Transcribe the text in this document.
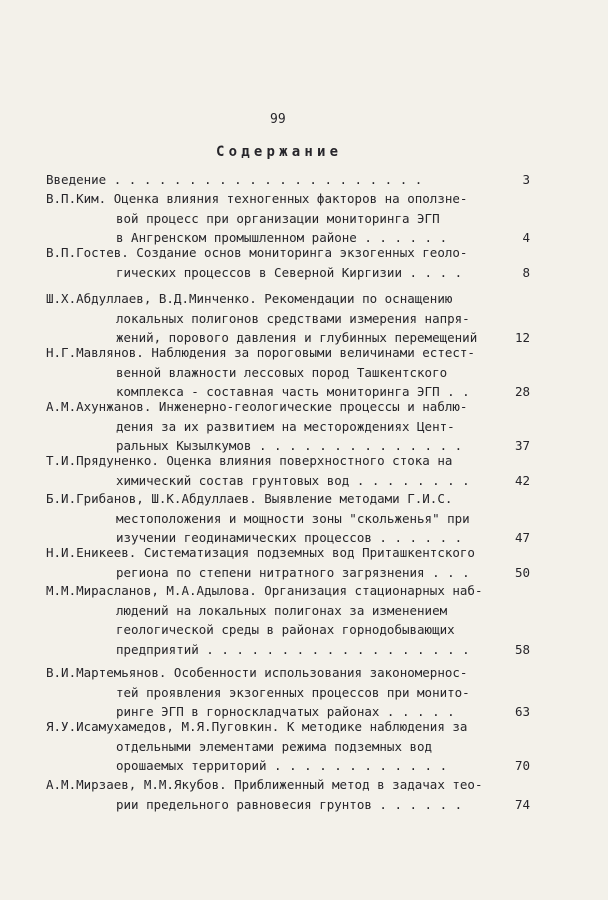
99
Содержание
Введение . . . . . . . . . . . . . . . . . . . . .	3
В.П.Ким. Оценка влияния техногенных факторов на оползне-
вой процесс при организации мониторинга ЭГП
в Ангренском промышленном районе . . . . . .	4
В.П.Гостев. Создание основ мониторинга экзогенных геоло-
гических процессов в Северной Киргизии . . . .	8
Ш.Х.Абдуллаев, В.Д.Минченко. Рекомендации по оснащению
локальных полигонов средствами измерения напря-
жений, порового давления и глубинных перемещений	12
Н.Г.Мавлянов. Наблюдения за пороговыми величинами естест-
венной влажности лессовых пород Ташкентского
комплекса - составная часть мониторинга ЭГП . .	28
А.М.Ахунжанов. Инженерно-геологические процессы и наблю-
дения за их развитием на месторождениях Цент-
ральных Кызылкумов . . . . . . . . . . . . . .	37
Т.И.Прядуненко. Оценка влияния поверхностного стока на
химический состав грунтовых вод . . . . . . . .	42
Б.И.Грибанов, Ш.К.Абдуллаев. Выявление методами Г.И.С.
местоположения и мощности зоны "скольженья" при
изучении геодинамических процессов . . . . . .	47
Н.И.Еникеев. Систематизация подземных вод Приташкентского
региона по степени нитратного загрязнения . . .	50
М.М.Мирасланов, М.А.Адылова. Организация стационарных наб-
людений на локальных полигонах за изменением
геологической среды в районах горнодобывающих
предприятий . . . . . . . . . . . . . . . . . .	58
В.И.Мартемьянов. Особенности использования закономернос-
тей проявления экзогенных процессов при монито-
ринге ЭГП в горноскладчатых районах . . . . .	63
Я.У.Исамухамедов, М.Я.Пуговкин. К методике наблюдения за
отдельными элементами режима подземных вод
орошаемых территорий . . . . . . . . . . . .	70
А.М.Мирзаев, М.М.Якубов. Приближенный метод в задачах тео-
рии предельного равновесия грунтов . . . . . .	74
